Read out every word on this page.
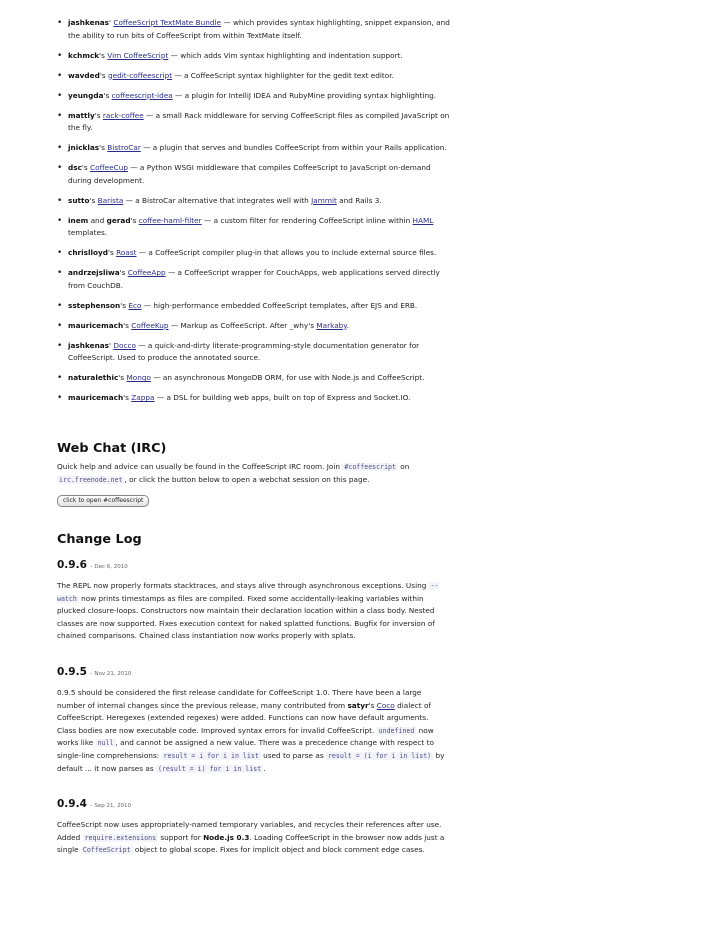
• jashkenas' CoffeeScript TextMate Bundle — which provides syntax highlighting, snippet expansion, and the ability to run bits of CoffeeScript from within TextMate itself.
• kchmck's Vim CoffeeScript — which adds Vim syntax highlighting and indentation support.
• wavded's gedit-coffeescript — a CoffeeScript syntax highlighter for the gedit text editor.
• yeungda's coffeescript-idea — a plugin for IntelliJ IDEA and RubyMine providing syntax highlighting.
• mattly's rack-coffee — a small Rack middleware for serving CoffeeScript files as compiled JavaScript on the fly.
• jnicklas's BistroCar — a plugin that serves and bundles CoffeeScript from within your Rails application.
• dsc's CoffeeCup — a Python WSGI middleware that compiles CoffeeScript to JavaScript on-demand during development.
• sutto's Barista — a BistroCar alternative that integrates well with Jammit and Rails 3.
• inem and gerad's coffee-haml-filter — a custom filter for rendering CoffeeScript inline within HAML templates.
• chrislloyd's Roast — a CoffeeScript compiler plug-in that allows you to include external source files.
• andrzejsliwa's CoffeeApp — a CoffeeScript wrapper for CouchApps, web applications served directly from CouchDB.
• sstephenson's Eco — high-performance embedded CoffeeScript templates, after EJS and ERB.
• mauricemach's CoffeeKup — Markup as CoffeeScript. After _why's Markaby.
• jashkenas' Docco — a quick-and-dirty literate-programming-style documentation generator for CoffeeScript. Used to produce the annotated source.
• naturalethic's Mongo — an asynchronous MongoDB ORM, for use with Node.js and CoffeeScript.
• mauricemach's Zappa — a DSL for building web apps, built on top of Express and Socket.IO.
Web Chat (IRC)

Quick help and advice can usually be found in the CoffeeScript IRC room. Join #coffeescript on irc.freenode.net , or click the button below to open a webchat session on this page.

click to open #coffeescript
Change Log
0.9.6 – Dec 6, 2010

The REPL now properly formats stacktraces, and stays alive through asynchronous exceptions. Using --watch now prints timestamps as files are compiled. Fixed some accidentally-leaking variables within plucked closure-loops. Constructors now maintain their declaration location within a class body. Nested classes are now supported. Fixes execution context for naked splatted functions. Bugfix for inversion of chained comparisons. Chained class instantiation now works properly with splats.

0.9.5 – Nov 21, 2010

0.9.5 should be considered the first release candidate for CoffeeScript 1.0. There have been a large number of internal changes since the previous release, many contributed from satyr's Coco dialect of CoffeeScript. Heregexes (extended regexes) were added. Functions can now have default arguments. Class bodies are now executable code. Improved syntax errors for invalid CoffeeScript. undefined now works like null , and cannot be assigned a new value. There was a precedence change with respect to single-line comprehensions: result = i for i in list used to parse as result = (i for i in list) by default ... it now parses as (result = i) for i in list .

0.9.4 – Sep 21, 2010

CoffeeScript now uses appropriately-named temporary variables, and recycles their references after use. Added require.extensions support for Node.js 0.3. Loading CoffeeScript in the browser now adds just a single CoffeeScript object to global scope. Fixes for implicit object and block comment edge cases.
